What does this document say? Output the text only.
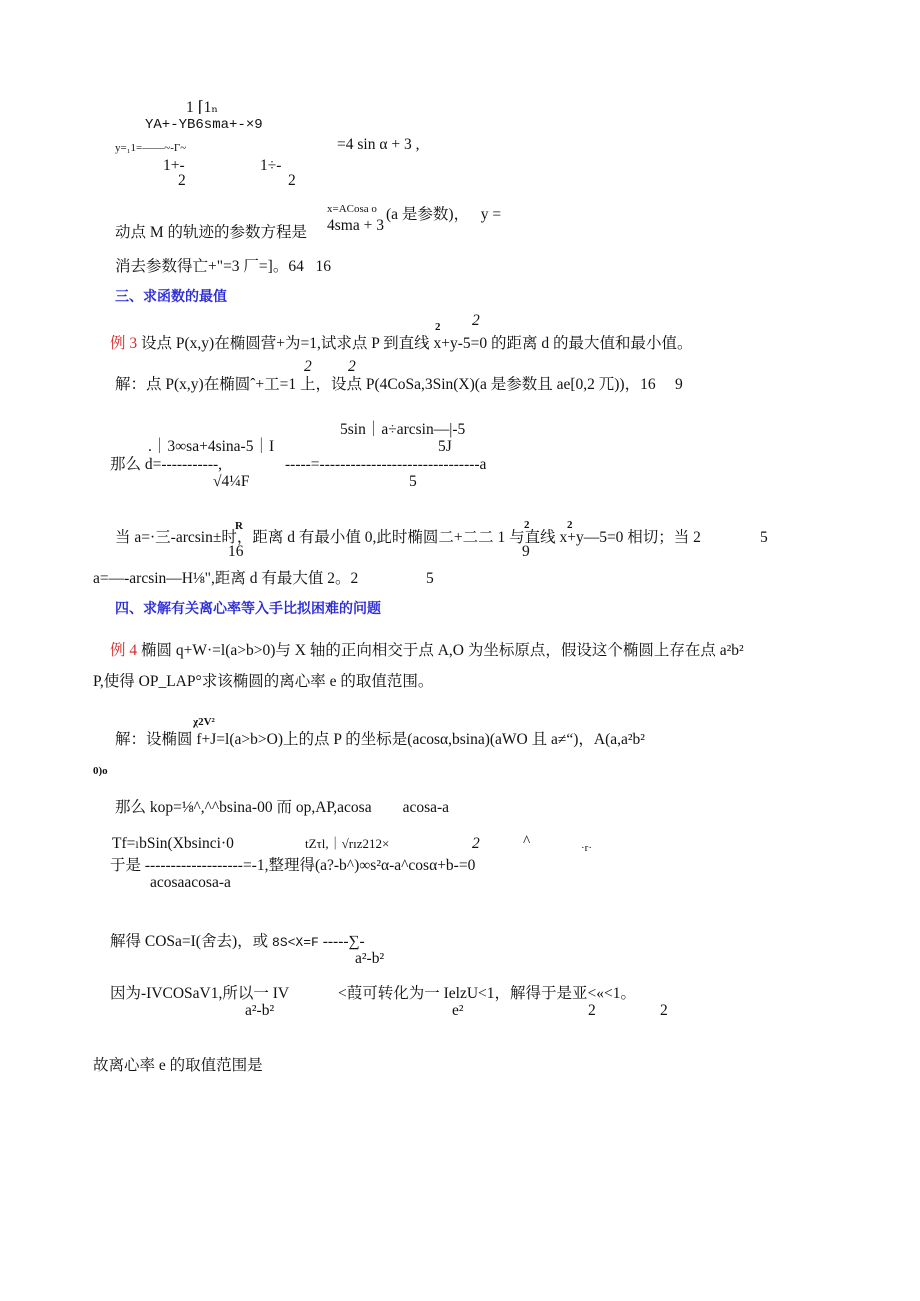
1 ⌈1ₙ
YA+-YB6sma+-×9
y=₁1=——~-Γ~	=4 sin α + 3 ,
1+-	1÷-
2	2
x=ACosa o (a 是参数)，   y =
动点 M 的轨迹的参数方程是 4sma + 3
消去参数得亡+"=3 厂=]。64   16
三、求函数的最值
例 3 设点 P(x,y)在椭圆营+为=1,试求点 P 到直线 x+y-5=0 的距离 d 的最大值和最小值。
2 2
2 2
解：点 P(x,y)在椭圆ˆ+工=1 上，设点 P(4CoSa,3Sin(X)(a 是参数且 ae[0,2 兀))，16     9
5sin｜a÷arcsin—|-5
.｜3∞sa+4sina-5｜I	5J
那么 d=-----------,	-----=-------------------------------a
√4¼F	5
R
当 a=·三-arcsin±时，距离 d 有最小值 0,此时椭圆二+二二 1 与直线 x+y—5=0 相切；当 2
16
2
9
2
5
a=—-arcsin—H⅛",距离 d 有最大值 2。2	5
四、求解有关离心率等入手比拟困难的问题
例 4 椭圆 q+W·=l(a>b>0)与 X 轴的正向相交于点 A,O 为坐标原点，假设这个椭圆上存在点 a²b²
P,使得 OP_LAP°求该椭圆的离心率 e 的取值范围。
χ2V²
解：设椭圆 f+J=l(a>b>O)上的点 P 的坐标是(acosα,bsina)(aWO 且 a≠“)，A(a,a²b²
0)o
那么 kop=⅛^,^^bsina-00 而 op,AP,acosa        acosa-a
Tf=ₗbSin(Xbsinci·0	tZτl,｜√rız212×	2	^	·r·
于是 -------------------=-1,整理得(a?-b^)∞s²α-a^cosα+b-=0
acosaacosa-a
解得 COSa=I(舍去)，或 8S<X=F -----∑-
a²-b²
因为-IVCOSaV1,所以一 IV	<葭可转化为一 IelzU<1，解得于是亚<«<1。
a²-b²	e²	2	2
故离心率 e 的取值范围是
